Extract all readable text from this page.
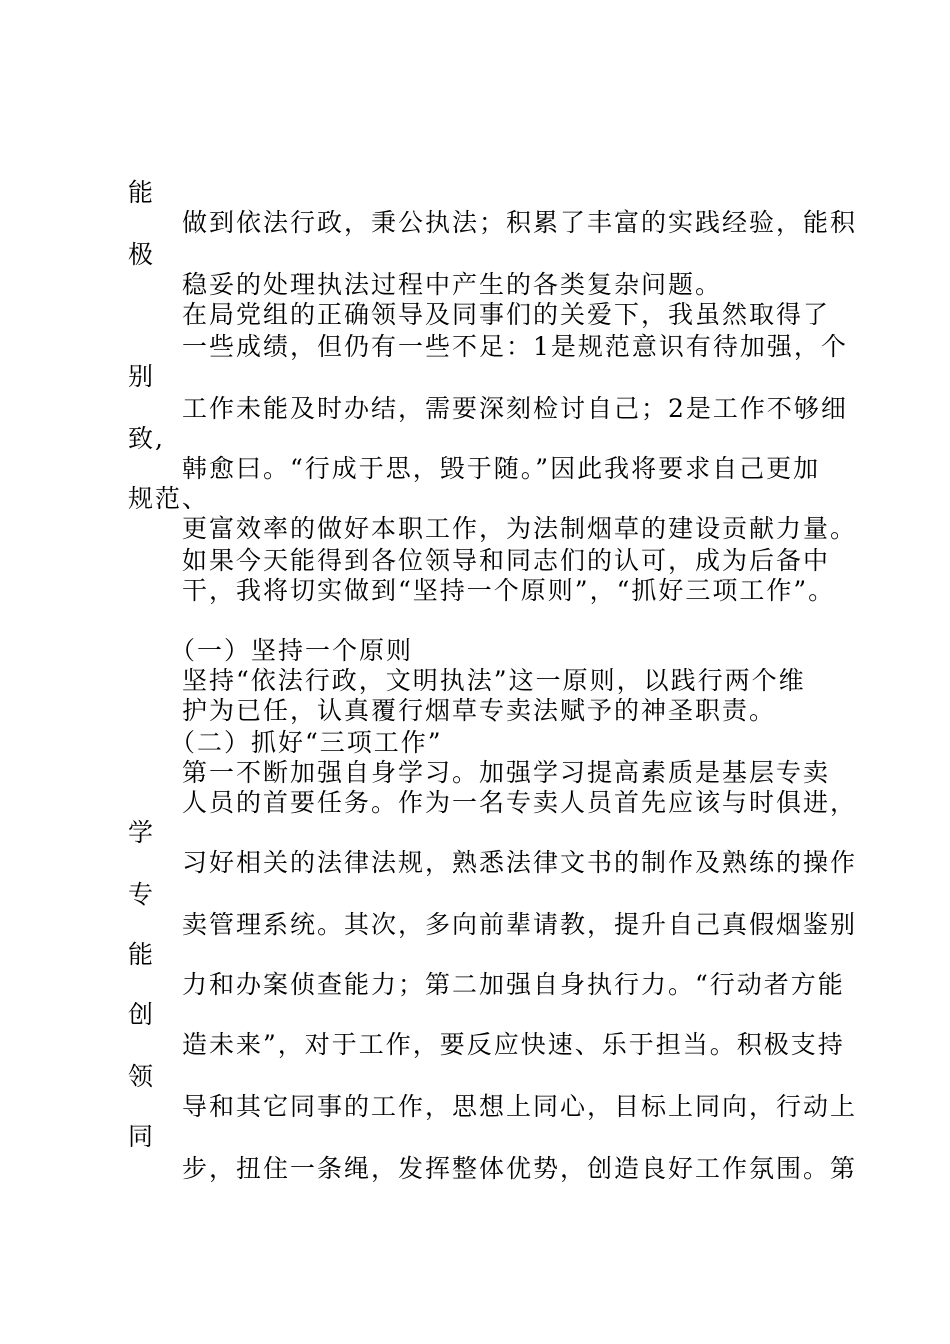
能
做到依法行政，秉公执法；积累了丰富的实践经验，能积
极
稳妥的处理执法过程中产生的各类复杂问题。
在局党组的正确领导及同事们的关爱下，我虽然取得了
一些成绩，但仍有一些不足：1是规范意识有待加强，个
别
工作未能及时办结，需要深刻检讨自己；2是工作不够细
致,
韩愈曰。“行成于思，毁于随。”因此我将要求自己更加
规范、
更富效率的做好本职工作，为法制烟草的建设贡献力量。
如果今天能得到各位领导和同志们的认可，成为后备中
干，我将切实做到“坚持一个原则”，“抓好三项工作”。
（一）坚持一个原则
坚持“依法行政，文明执法”这一原则，以践行两个维
护为已任，认真覆行烟草专卖法赋予的神圣职责。
（二）抓好“三项工作”
第一不断加强自身学习。加强学习提高素质是基层专卖
人员的首要任务。作为一名专卖人员首先应该与时俱进，
学
习好相关的法律法规，熟悉法律文书的制作及熟练的操作
专
卖管理系统。其次，多向前辈请教，提升自己真假烟鉴别
能
力和办案侦查能力；第二加强自身执行力。“行动者方能
创
造未来”，对于工作，要反应快速、乐于担当。积极支持
领
导和其它同事的工作，思想上同心，目标上同向，行动上
同
步，扭住一条绳，发挥整体优势，创造良好工作氛围。第
